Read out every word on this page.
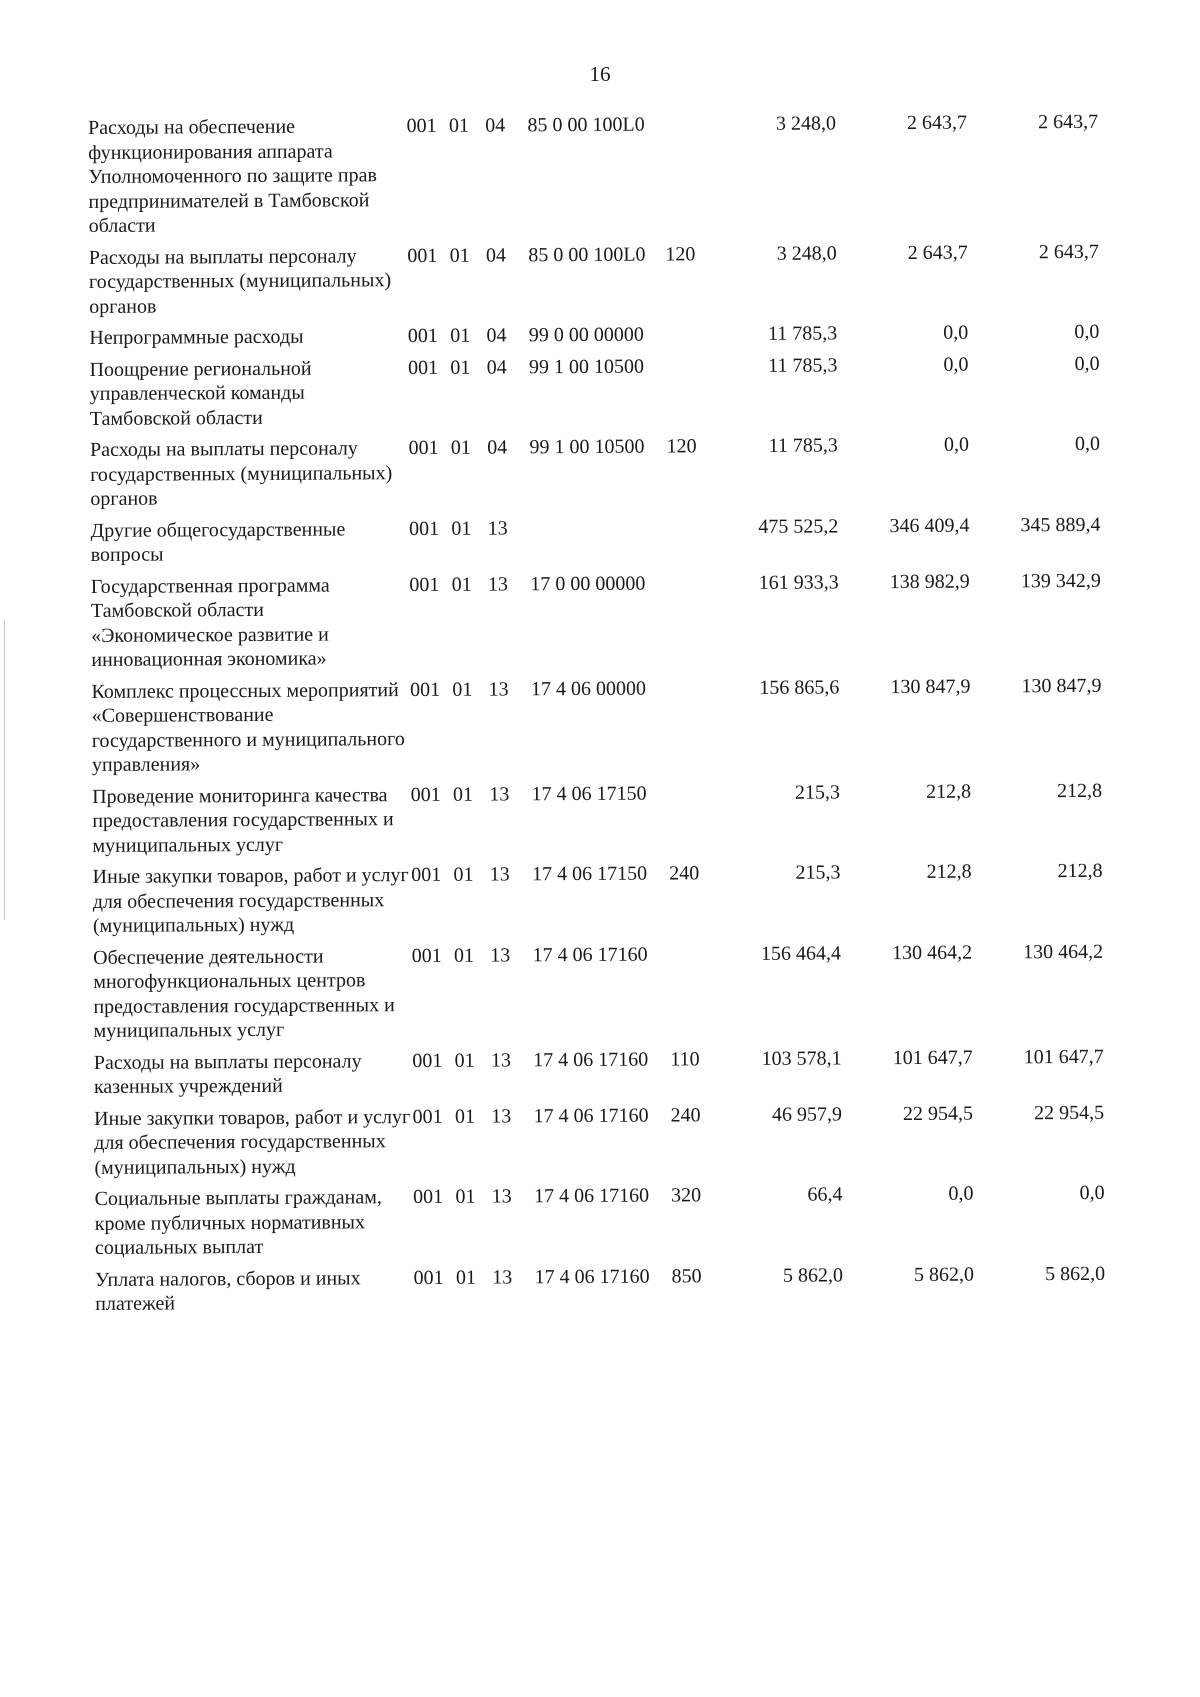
16
Расходы на обеспечение функционирования аппарата Уполномоченного по защите прав предпринимателей в Тамбовской области	001	01	04	85 0 00 100L0		3 248,0	2 643,7	2 643,7
Расходы на выплаты персоналу государственных (муниципальных) органов	001	01	04	85 0 00 100L0	120	3 248,0	2 643,7	2 643,7
Непрограммные расходы	001	01	04	99 0 00 00000		11 785,3	0,0	0,0
Поощрение региональной управленческой команды Тамбовской области	001	01	04	99 1 00 10500		11 785,3	0,0	0,0
Расходы на выплаты персоналу государственных (муниципальных) органов	001	01	04	99 1 00 10500	120	11 785,3	0,0	0,0
Другие общегосударственные вопросы	001	01	13			475 525,2	346 409,4	345 889,4
Государственная программа Тамбовской области «Экономическое развитие и инновационная экономика»	001	01	13	17 0 00 00000		161 933,3	138 982,9	139 342,9
Комплекс процессных мероприятий «Совершенствование государственного и муниципального управления»	001	01	13	17 4 06 00000		156 865,6	130 847,9	130 847,9
Проведение мониторинга качества предоставления государственных и муниципальных услуг	001	01	13	17 4 06 17150		215,3	212,8	212,8
Иные закупки товаров, работ и услуг для обеспечения государственных (муниципальных) нужд	001	01	13	17 4 06 17150	240	215,3	212,8	212,8
Обеспечение деятельности многофункциональных центров предоставления государственных и муниципальных услуг	001	01	13	17 4 06 17160		156 464,4	130 464,2	130 464,2
Расходы на выплаты персоналу казенных учреждений	001	01	13	17 4 06 17160	110	103 578,1	101 647,7	101 647,7
Иные закупки товаров, работ и услуг для обеспечения государственных (муниципальных) нужд	001	01	13	17 4 06 17160	240	46 957,9	22 954,5	22 954,5
Социальные выплаты гражданам, кроме публичных нормативных социальных выплат	001	01	13	17 4 06 17160	320	66,4	0,0	0,0
Уплата налогов, сборов и иных платежей	001	01	13	17 4 06 17160	850	5 862,0	5 862,0	5 862,0
